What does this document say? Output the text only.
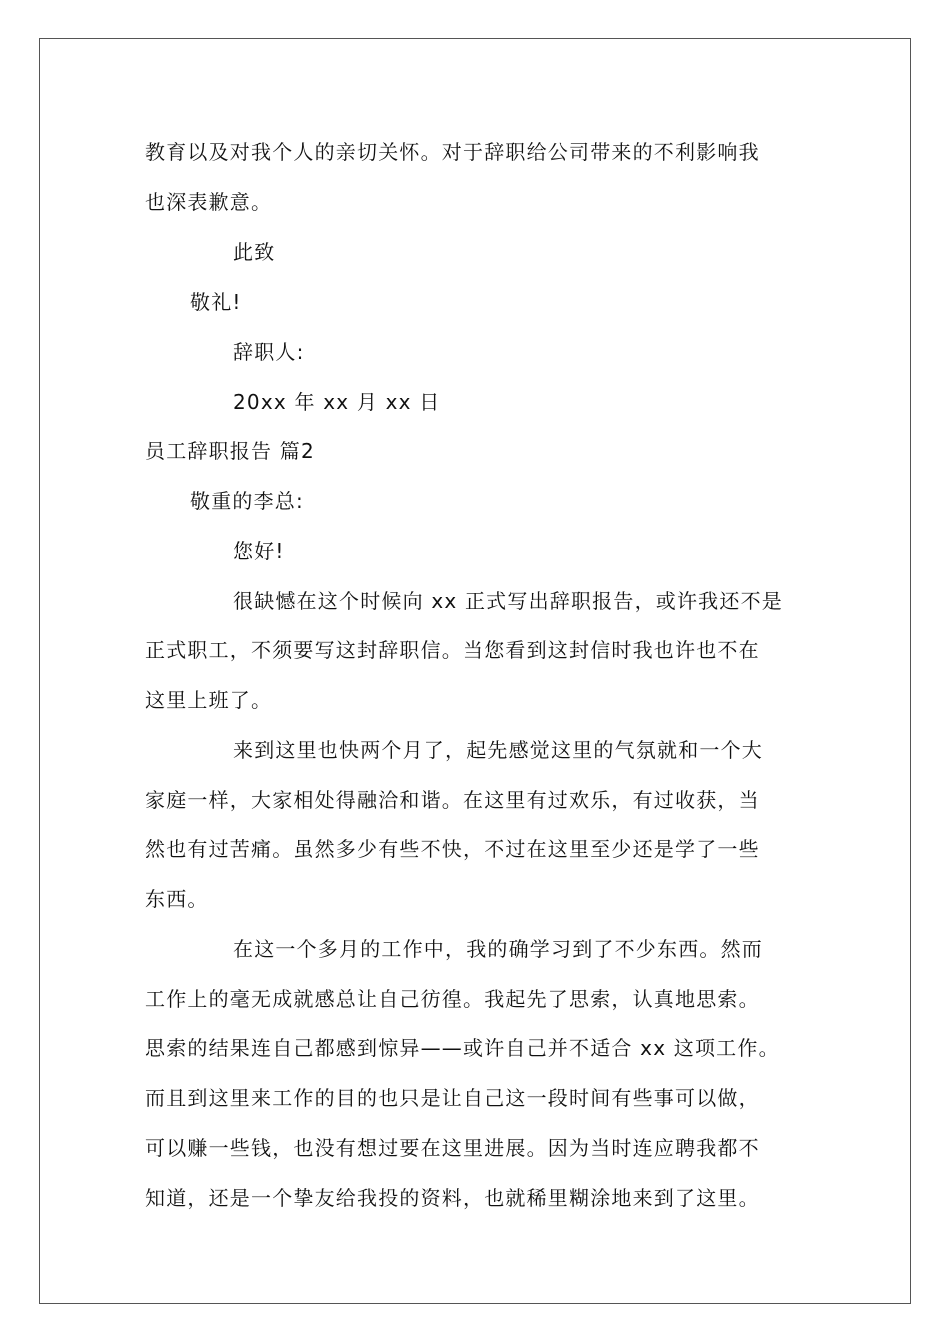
教育以及对我个人的亲切关怀。对于辞职给公司带来的不利影响我
也深表歉意。
此致
敬礼!
辞职人:
20xx 年 xx 月 xx 日
员工辞职报告 篇2
敬重的李总:
您好!
很缺憾在这个时候向 xx 正式写出辞职报告，或许我还不是
正式职工，不须要写这封辞职信。当您看到这封信时我也许也不在
这里上班了。
来到这里也快两个月了，起先感觉这里的气氛就和一个大
家庭一样，大家相处得融洽和谐。在这里有过欢乐，有过收获，当
然也有过苦痛。虽然多少有些不快，不过在这里至少还是学了一些
东西。
在这一个多月的工作中，我的确学习到了不少东西。然而
工作上的毫无成就感总让自己彷徨。我起先了思索，认真地思索。
思索的结果连自己都感到惊异——或许自己并不适合 xx 这项工作。
而且到这里来工作的目的也只是让自己这一段时间有些事可以做，
可以赚一些钱，也没有想过要在这里进展。因为当时连应聘我都不
知道，还是一个挚友给我投的资料，也就稀里糊涂地来到了这里。
